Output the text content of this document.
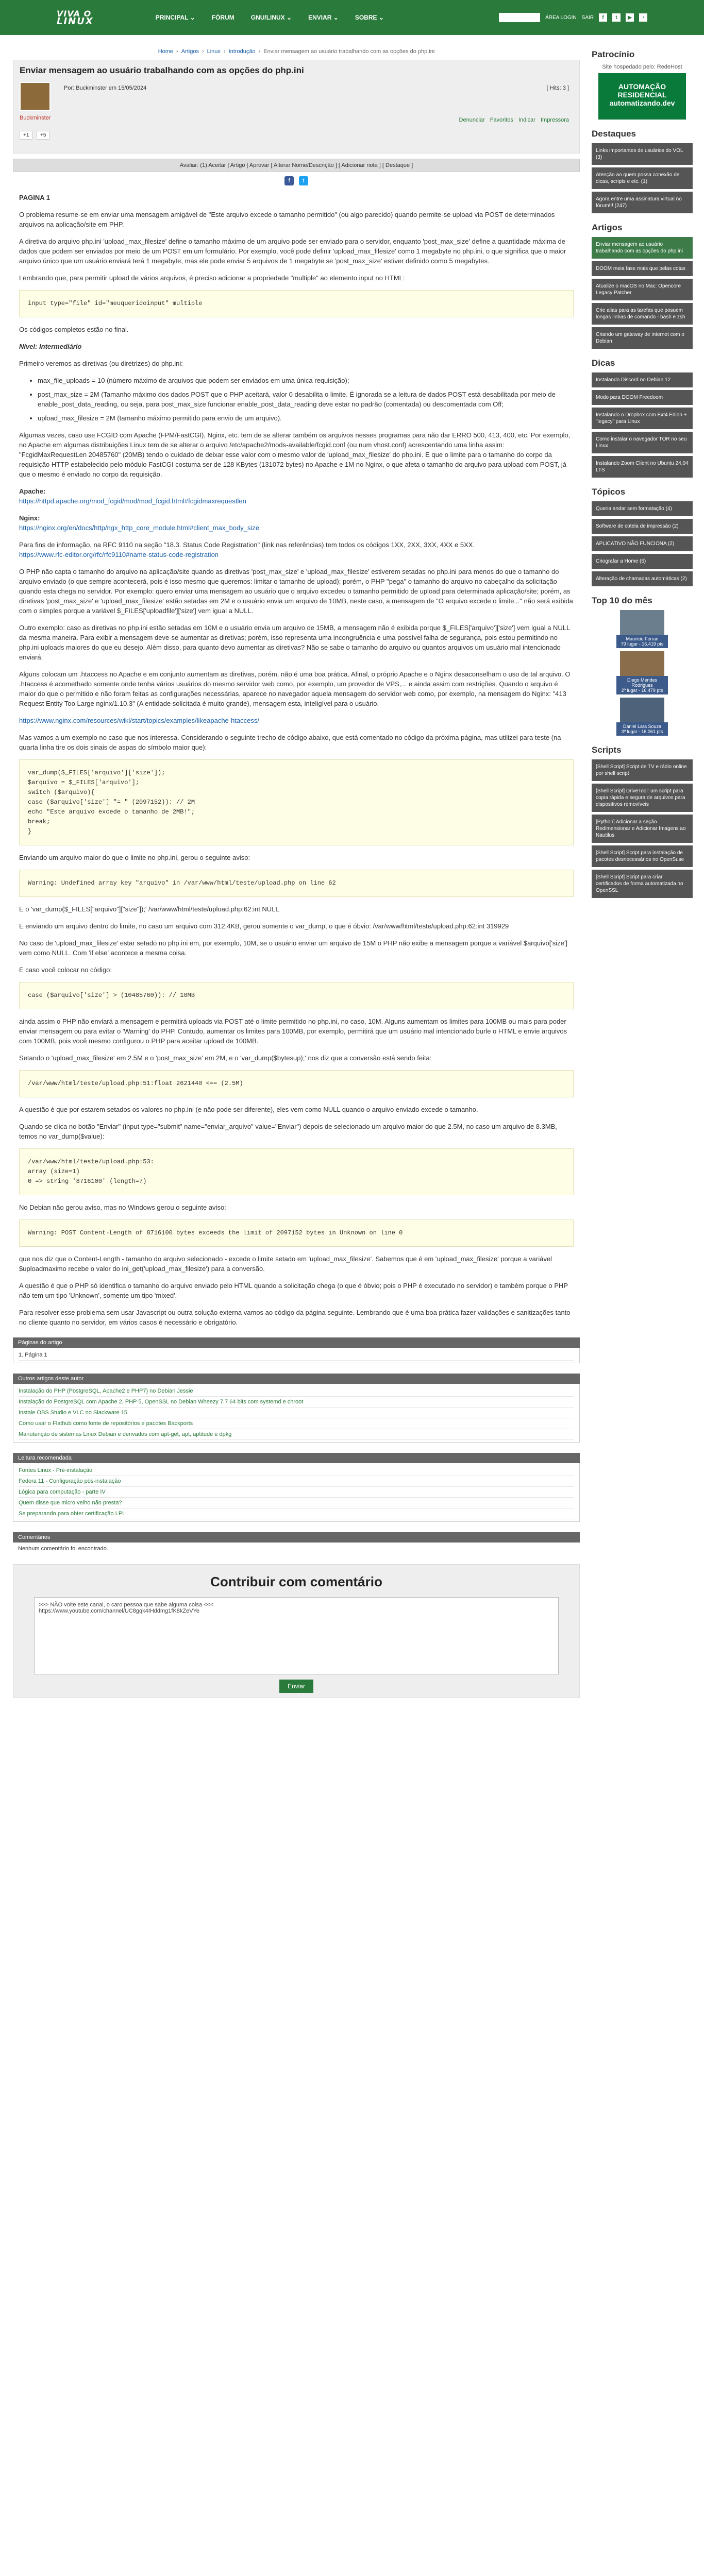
VIVA O
LINUX	PRINCIPAL ⌄	FÓRUM	GNU/LINUX ⌄	ENVIAR ⌄	SOBRE ⌄	ÁREA LOGIN SAIR	f	t	▶	◔
Home › Artigos › Linux › Introdução › Enviar mensagem ao usuário trabalhando com as opções do php.ini
Enviar mensagem ao usuário trabalhando com as opções do php.ini
Buckminster
Por: Buckminster em 15/05/2024	[ Hits: 3 ]
+1 +5
Denunciar Favoritos Indicar Impressora
Avaliar: (1) Aceitar | Artigo | Aprovar [ Alterar Nome/Descrição ] [ Adicionar nota ] [ Destaque ]
f t

PAGINA 1

O problema resume-se em enviar uma mensagem amigável de "Este arquivo excede o tamanho permitido" (ou algo parecido) quando permite-se upload via POST de determinados arquivos na aplicação/site em PHP.

A diretiva do arquivo php.ini 'upload_max_filesize' define o tamanho máximo de um arquivo pode ser enviado para o servidor, enquanto 'post_max_size' define a quantidade máxima de dados que podem ser enviados por meio de um POST em um formulário. Por exemplo, você pode definir 'upload_max_filesize' como 1 megabyte no php.ini, o que significa que o maior arquivo único que um usuário enviará terá 1 megabyte, mas ele pode enviar 5 arquivos de 1 megabyte se 'post_max_size' estiver definido como 5 megabytes.

Lembrando que, para permitir upload de vários arquivos, é preciso adicionar a propriedade "multiple" ao elemento input no HTML:

input type="file" id="meuqueridoinput" multiple

Os códigos completos estão no final.

Nível: Intermediário

Primeiro veremos as diretivas (ou diretrizes) do php.ini:

• max_file_uploads = 10 (número máximo de arquivos que podem ser enviados em uma única requisição);
• post_max_size = 2M (Tamanho máximo dos dados POST que o PHP aceitará, valor 0 desabilita o limite. É ignorada se a leitura de dados POST está desabilitada por meio de enable_post_data_reading, ou seja, para post_max_size funcionar enable_post_data_reading deve estar no padrão (comentada) ou descomentada com Off;
• upload_max_filesize = 2M (tamanho máximo permitido para envio de um arquivo).

Algumas vezes, caso use FCGID com Apache (FPM/FastCGI), Nginx, etc. tem de se alterar também os arquivos nesses programas para não dar ERRO 500, 413, 400, etc. Por exemplo, no Apache em algumas distribuições Linux tem de se alterar o arquivo /etc/apache2/mods-available/fcgid.conf (ou num vhost.conf) acrescentando uma linha assim: "FcgidMaxRequestLen 20485760" (20MB) tendo o cuidado de deixar esse valor com o mesmo valor de 'upload_max_filesize' do php.ini. E que o limite para o tamanho do corpo da requisição HTTP estabelecido pelo módulo FastCGI costuma ser de 128 KBytes (131072 bytes) no Apache e 1M no Nginx, o que afeta o tamanho do arquivo para upload com POST, já que o mesmo é enviado no corpo da requisição.

Apache:

https://httpd.apache.org/mod_fcgid/mod/mod_fcgid.html#fcgidmaxrequestlen

Nginx:

https://nginx.org/en/docs/http/ngx_http_core_module.html#client_max_body_size

Para fins de informação, na RFC 9110 na seção "18.3. Status Code Registration" (link nas referências) tem todos os códigos 1XX, 2XX, 3XX, 4XX e 5XX.

https://www.rfc-editor.org/rfc/rfc9110#name-status-code-registration

O PHP não capta o tamanho do arquivo na aplicação/site quando as diretivas 'post_max_size' e 'upload_max_filesize' estiverem setadas no php.ini para menos do que o tamanho do arquivo enviado (o que sempre acontecerá, pois é isso mesmo que queremos: limitar o tamanho de upload); porém, o PHP "pega" o tamanho do arquivo no cabeçalho da solicitação quando esta chega no servidor. Por exemplo: quero enviar uma mensagem ao usuário que o arquivo excedeu o tamanho permitido de upload para determinada aplicação/site; porém, as diretivas 'post_max_size' e 'upload_max_filesize' estão setadas em 2M e o usuário envia um arquivo de 10MB, neste caso, a mensagem de "O arquivo excede o limite..." não será exibida com o simples porque a variável $_FILES['uploadfile']['size'] vem igual a NULL.

Outro exemplo: caso as diretivas no php.ini estão setadas em 10M e o usuário envia um arquivo de 15MB, a mensagem não é exibida porque $_FILES['arquivo']['size'] vem igual a NULL da mesma maneira. Para exibir a mensagem deve-se aumentar as diretivas; porém, isso representa uma incongruência e uma possível falha de segurança, pois estou permitindo no php.ini uploads maiores do que eu desejo. Além disso, para quanto devo aumentar as diretivas? Não se sabe o tamanho do arquivo ou quantos arquivos um usuário mal intencionado enviará.

Alguns colocam um .htaccess no Apache e em conjunto aumentam as diretivas, porém, não é uma boa prática. Afinal, o próprio Apache e o Nginx desaconselham o uso de tal arquivo. O .htaccess é acomethado somente onde tenha vários usuários do mesmo servidor web como, por exemplo, um provedor de VPS,... e ainda assim com restrições. Quando o arquivo é maior do que o permitido e não foram feitas as configurações necessárias, aparece no navegador aquela mensagem do servidor web como, por exemplo, na mensagem do Nginx: "413 Request Entity Too Large nginx/1.10.3" (A entidade solicitada é muito grande), mensagem esta, inteligível para o usuário.

https://www.nginx.com/resources/wiki/start/topics/examples/likeapache-htaccess/

Mas vamos a um exemplo no caso que nos interessa. Considerando o seguinte trecho de código abaixo, que está comentado no código da próxima página, mas utilizei para teste (na quarta linha tire os dois sinais de aspas do símbolo maior que):

var_dump($_FILES['arquivo']['size']);
$arquivo = $_FILES['arquivo'];
switch ($arquivo){
case ($arquivo['size'] "= " (2097152)): // 2M
echo "Este arquivo excede o tamanho de 2MB!";
break;
}

Enviando um arquivo maior do que o limite no php.ini, gerou o seguinte aviso:

Warning: Undefined array key "arquivo" in /var/www/html/teste/upload.php on line 62

E o 'var_dump($_FILES["arquivo"]["size"]);' /var/www/html/teste/upload.php:62:int NULL

E enviando um arquivo dentro do limite, no caso um arquivo com 312,4KB, gerou somente o var_dump, o que é óbvio: /var/www/html/teste/upload.php:62:int 319929

No caso de 'upload_max_filesize' estar setado no php.ini em, por exemplo, 10M, se o usuário enviar um arquivo de 15M o PHP não exibe a mensagem porque a variável $arquivo['size'] vem como NULL. Com 'if else' acontece a mesma coisa.

E caso você colocar no código:

case ($arquivo['size'] > (10485760)): // 10MB

ainda assim o PHP não enviará a mensagem e permitirá uploads via POST até o limite permitido no php.ini, no caso, 10M. Alguns aumentam os limites para 100MB ou mais para poder enviar mensagem ou para evitar o 'Warning' do PHP. Contudo, aumentar os limites para 100MB, por exemplo, permitirá que um usuário mal intencionado burle o HTML e envie arquivos com 100MB, pois você mesmo configurou o PHP para aceitar upload de 100MB.

Setando o 'upload_max_filesize' em 2.5M e o 'post_max_size' em 2M, e o 'var_dump($bytesup);' nos diz que a conversão está sendo feita:

/var/www/html/teste/upload.php:51:float 2621440 <== (2.5M)

A questão é que por estarem setados os valores no php.ini (e não pode ser diferente), eles vem como NULL quando o arquivo enviado excede o tamanho.

Quando se clica no botão "Enviar" (input type="submit" name="enviar_arquivo" value="Enviar") depois de selecionado um arquivo maior do que 2.5M, no caso um arquivo de 8.3MB, temos no var_dump($value):

/var/www/html/teste/upload.php:53:
array (size=1)
0 => string '8716100' (length=7)

No Debian não gerou aviso, mas no Windows gerou o seguinte aviso:

Warning: POST Content-Length of 8716100 bytes exceeds the limit of 2097152 bytes in Unknown on line 0

que nos diz que o Content-Length - tamanho do arquivo selecionado - excede o limite setado em 'upload_max_filesize'. Sabemos que é em 'upload_max_filesize' porque a variável $uploadmaximo recebe o valor do ini_get('upload_max_filesize') para a conversão.

A questão é que o PHP só identifica o tamanho do arquivo enviado pelo HTML quando a solicitação chega (o que é óbvio; pois o PHP é executado no servidor) e também porque o PHP não tem um tipo 'Unknown', somente um tipo 'mixed'.

Para resolver esse problema sem usar Javascript ou outra solução externa vamos ao código da página seguinte. Lembrando que é uma boa prática fazer validações e sanitizações tanto no cliente quanto no servidor, em vários casos é necessário e obrigatório.

Páginas do artigo
1. Página 1
Outros artigos deste autor
Instalação do PHP (PostgreSQL, Apache2 e PHP7) no Debian Jessie
Instalação do PostgreSQL com Apache 2, PHP 5, OpenSSL no Debian Wheezy 7.7 64 bits com systemd e chroot
Instale OBS Studio e VLC no Slackware 15
Como usar o Flathub como fonte de repositórios e pacotes Backports
Manutenção de sistemas Linux Debian e derivados com apt-get, apt, aptitude e dpkg
Leitura recomendada
Fontes Linux - Pré-instalação
Fedora 11 - Configuração pós-instalação
Lógica para computação - parte IV
Quem disse que micro velho não presta?
Se preparando para obter certificação LPI
Comentários
Nenhum comentário foi encontrado.
Contribuir com comentário
>>> NÃO volte este canal, o caro pessoa que sabe alguma coisa <<<
https://www.youtube.com/channel/UC8gqk4IHddmg1fK8kZeVYe
Enviar
Patrocínio
Site hospedado pelo: RedeHost
AUTOMAÇÃO RESIDENCIAL automatizando.dev
Destaques
Links importantes de usuários do VOL (3)
Atenção ao quem possa conexão de dicas, scripts e etc. (1)
Agora entre uma assinatura virtual no fórum!!! (247)
Artigos
Enviar mensagem ao usuário trabalhando com as opções do php.ini
DOOM meia fase mais que pelas cotas
Atualize o macOS no Mac: Opencore Legacy Patcher
Crie alias para as tarefas que posuem longas linhas de comando - bash e zsh
Criando um gateway de internet com o Debian
Dicas
Instalando Discord no Debian 12
Modo para DOOM Freedoom
Instalando o Dropbox com Ext4 Erlion + "legacy" para Linux
Como instalar o navegador TOR no seu Linux
Instalando Zoom Client no Ubuntu 24.04 LTS
Tópicos
Queria andar sem formatação (4)
Software de cotela de impressão (2)
APLICATIVO NÃO FUNCIONA (2)
Criografar a Home (6)
Alteração de chamadas automáticas (2)
Top 10 do mês
Mauricio Ferrari
79 lugar - 16.419 pts
Diego Mendes Rodrigues
2º lugar - 16.479 pts
Daniel Lara Souza
3º lugar - 16.061 pts
Scripts
[Shell Script] Script de TV e rádio online por shell script
[Shell Script] DriveTool: um script para copia rápida e segura de arquivos para dispositivos removíveis
[Python] Adicionar a seção Redimensionar e Adicionar Imagens ao Nautilus
[Shell Script] Script para instalação de pacotes desnecessários no OpenSuse
[Shell Script] Script para criar certificados de forma automatizada no OpenSSL
